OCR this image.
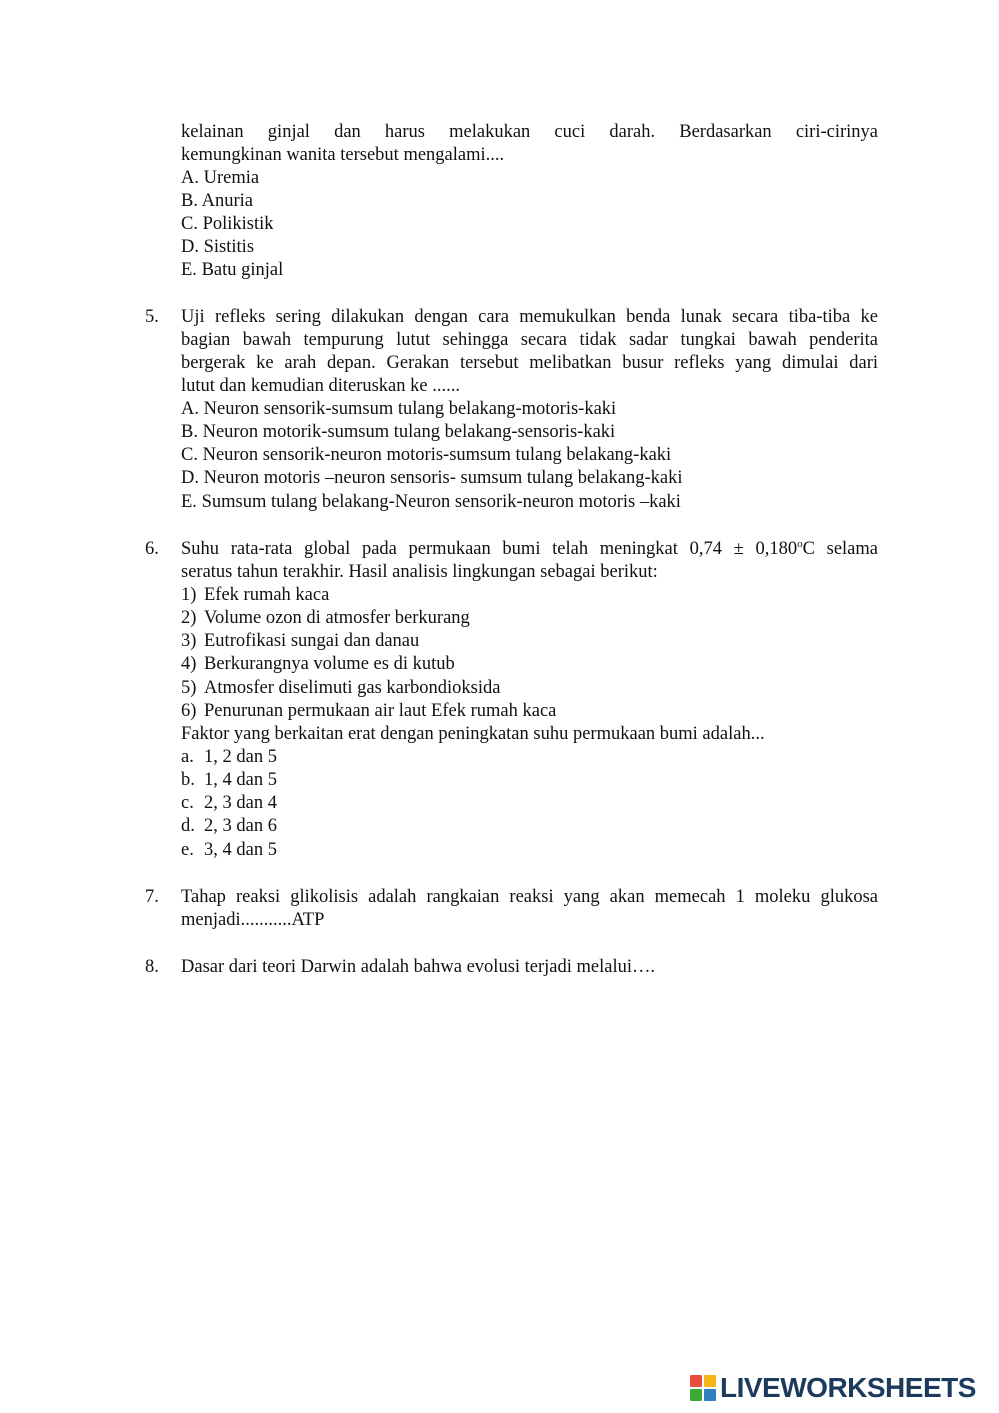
kelainan ginjal dan harus melakukan cuci darah. Berdasarkan ciri-cirinya
kemungkinan wanita tersebut mengalami....
A. Uremia
B. Anuria
C. Polikistik
D. Sistitis
E. Batu ginjal
5. Uji refleks sering dilakukan dengan cara memukulkan benda lunak secara tiba-tiba ke
bagian bawah tempurung lutut sehingga secara tidak sadar tungkai bawah penderita
bergerak ke arah depan. Gerakan tersebut melibatkan busur refleks yang dimulai dari
lutut dan kemudian diteruskan ke ......
A. Neuron sensorik-sumsum tulang belakang-motoris-kaki
B. Neuron motorik-sumsum tulang belakang-sensoris-kaki
C. Neuron sensorik-neuron motoris-sumsum tulang belakang-kaki
D. Neuron motoris –neuron sensoris- sumsum tulang belakang-kaki
E. Sumsum tulang belakang-Neuron sensorik-neuron motoris –kaki
6. Suhu rata-rata global pada permukaan bumi telah meningkat $0,74 \pm 0,180^oC$ selama
seratus tahun terakhir. Hasil analisis lingkungan sebagai berikut:
1) Efek rumah kaca
2) Volume ozon di atmosfer berkurang
3) Eutrofikasi sungai dan danau
4) Berkurangnya volume es di kutub
5) Atmosfer diselimuti gas karbondioksida
6) Penurunan permukaan air laut Efek rumah kaca
Faktor yang berkaitan erat dengan peningkatan suhu permukaan bumi adalah...
a. 1, 2 dan 5
b. 1, 4 dan 5
c. 2, 3 dan 4
d. 2, 3 dan 6
e. 3, 4 dan 5
7. Tahap reaksi glikolisis adalah rangkaian reaksi yang akan memecah 1 moleku glukosa
menjadi...........ATP
8. Dasar dari teori Darwin adalah bahwa evolusi terjadi melalui….
LIVEWORKSHEETS
